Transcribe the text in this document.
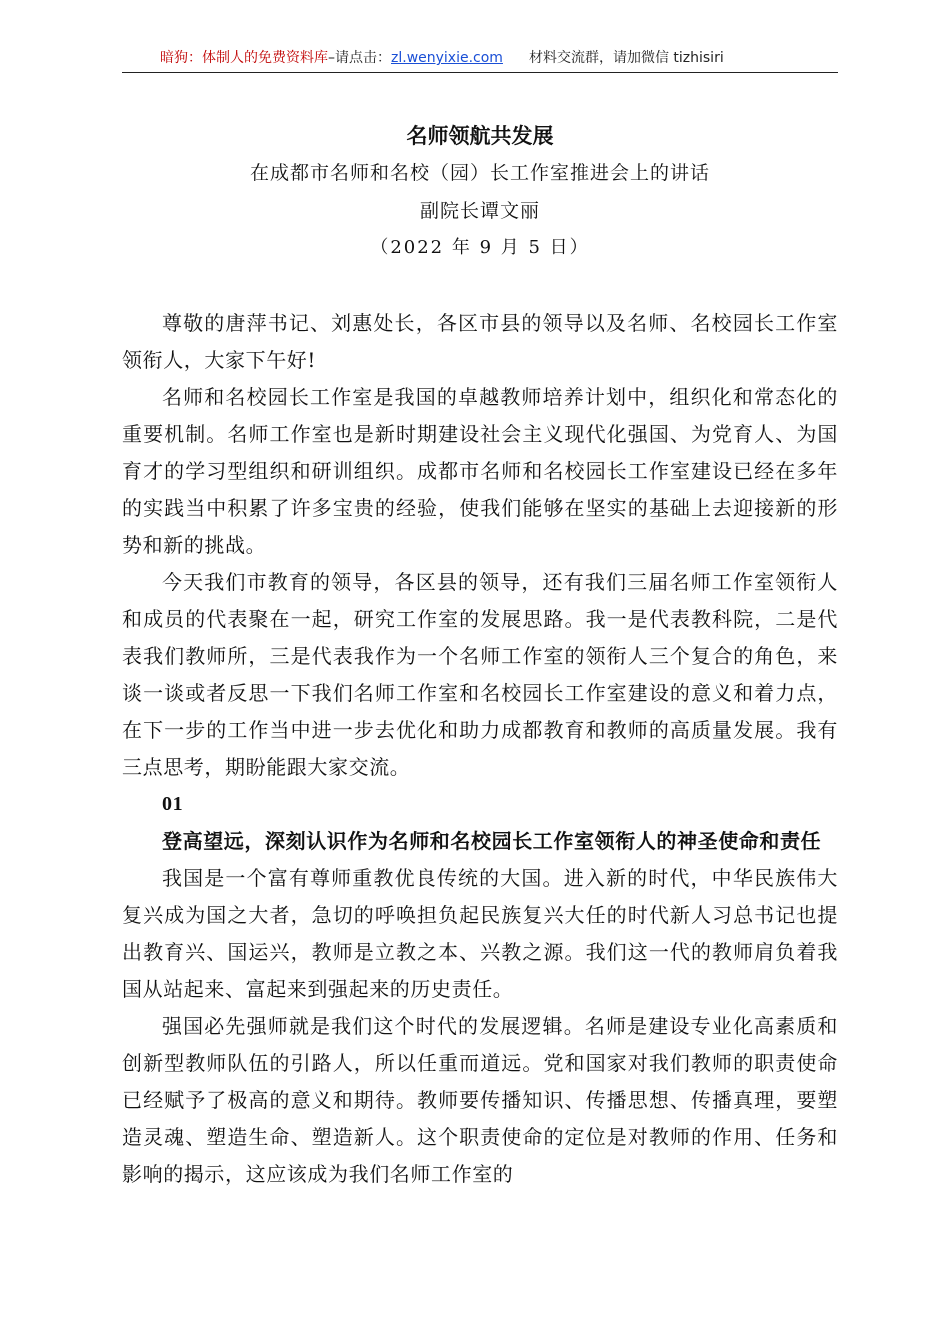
暗狗：体制人的免费资料库–请点击：zl.wenyixie.com 材料交流群，请加微信 tizhisiri
名师领航共发展
在成都市名师和名校（园）长工作室推进会上的讲话
副院长谭文丽
（2022 年 9 月 5 日）

尊敬的唐萍书记、刘惠处长，各区市县的领导以及名师、名校园长工作室领衔人，大家下午好!

名师和名校园长工作室是我国的卓越教师培养计划中，组织化和常态化的重要机制。名师工作室也是新时期建设社会主义现代化强国、为党育人、为国育才的学习型组织和研训组织。成都市名师和名校园长工作室建设已经在多年的实践当中积累了许多宝贵的经验，使我们能够在坚实的基础上去迎接新的形势和新的挑战。

今天我们市教育的领导，各区县的领导，还有我们三届名师工作室领衔人和成员的代表聚在一起，研究工作室的发展思路。我一是代表教科院，二是代表我们教师所，三是代表我作为一个名师工作室的领衔人三个复合的角色，来谈一谈或者反思一下我们名师工作室和名校园长工作室建设的意义和着力点，在下一步的工作当中进一步去优化和助力成都教育和教师的高质量发展。我有三点思考，期盼能跟大家交流。

01

登高望远，深刻认识作为名师和名校园长工作室领衔人的神圣使命和责任

我国是一个富有尊师重教优良传统的大国。进入新的时代，中华民族伟大复兴成为国之大者，急切的呼唤担负起民族复兴大任的时代新人习总书记也提出教育兴、国运兴，教师是立教之本、兴教之源。我们这一代的教师肩负着我国从站起来、富起来到强起来的历史责任。

强国必先强师就是我们这个时代的发展逻辑。名师是建设专业化高素质和创新型教师队伍的引路人，所以任重而道远。党和国家对我们教师的职责使命已经赋予了极高的意义和期待。教师要传播知识、传播思想、传播真理，要塑造灵魂、塑造生命、塑造新人。这个职责使命的定位是对教师的作用、任务和影响的揭示，这应该成为我们名师工作室的
